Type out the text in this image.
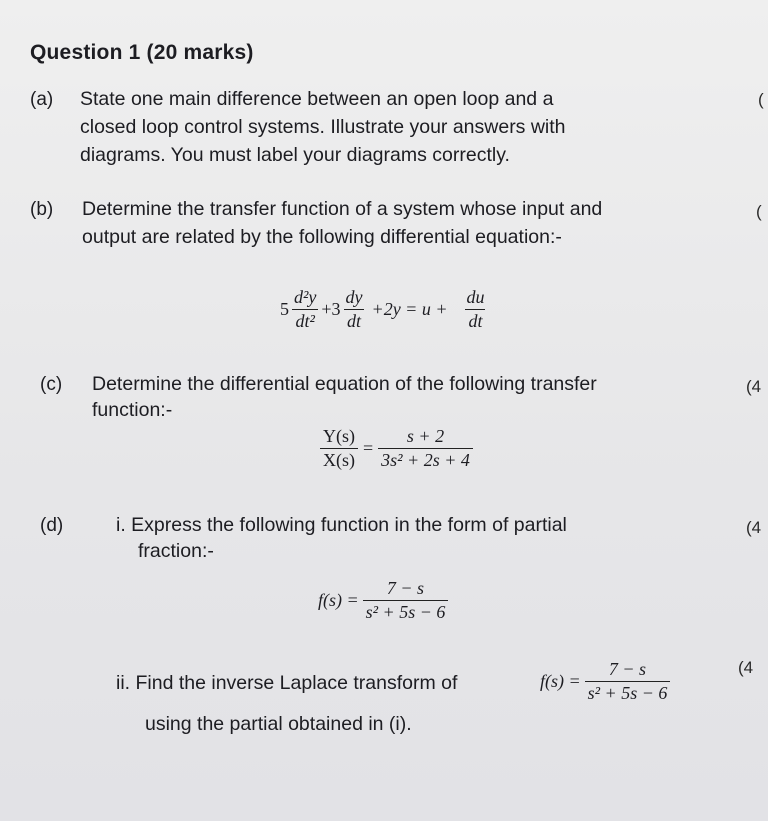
Question 1 (20 marks)
(a) State one main difference between an open loop and a
closed loop control systems. Illustrate your answers with
diagrams. You must label your diagrams correctly.
(
(b) Determine the transfer function of a system whose input and
output are related by the following differential equation:-
(
$5 \frac{\text{d²y}}{\text{dt²}} +3 \frac{dy}{dt} +2y = u + \frac{du}{dt}$
(c) Determine the differential equation of the following transfer
function:-
(4
$\frac{Y(s)}{X(s)} = \frac{s + 2}{\text{3s² + 2s + 4}}$
(d)	i. Express the following function in the form of partial
fraction:-
(4
$f(s) = \frac{7 - s}{\text{s² + 5s − 6}}$
ii. Find the inverse Laplace transform of	$f(s) = \frac{7 - s}{\text{s² + 5s − 6}}$	(4
using the partial obtained in (i).
